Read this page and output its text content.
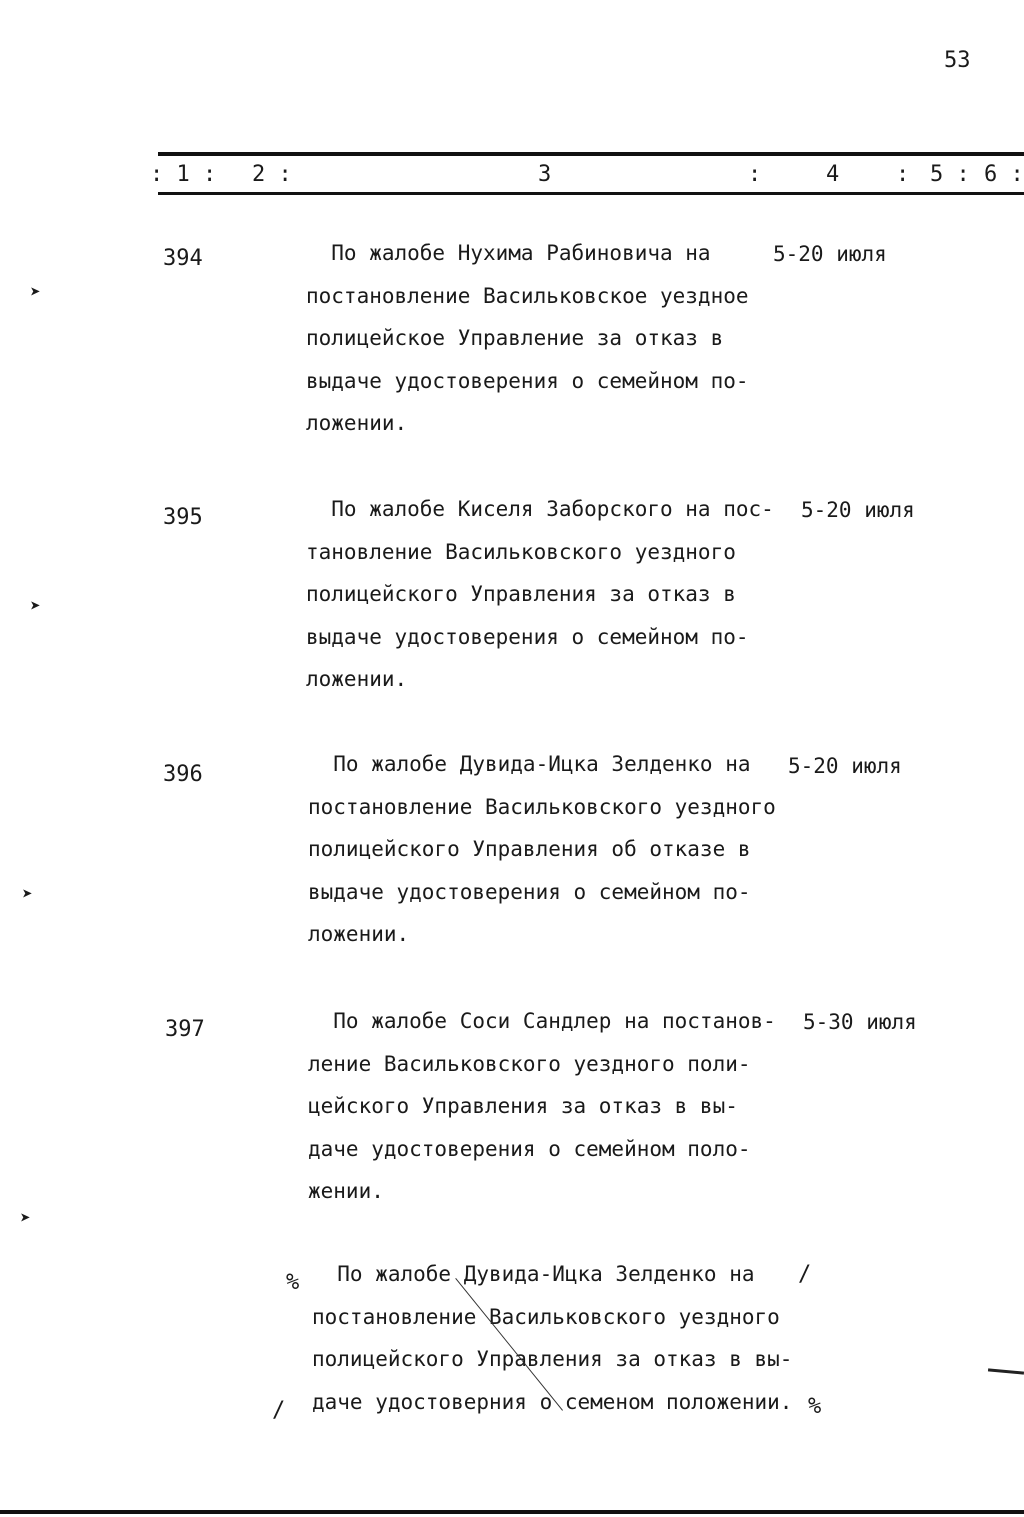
53
: 1 : 2 :	3	:	4	: 5 : 6 :
394	По жалобе Нухима Рабиновича на
постановление Васильковское уездное
полицейское Управление за отказ в
выдаче удостоверения о семейном по-
ложении.
5-20 июля
395	По жалобе Киселя Заборского на пос-
тановление Васильковского уездного
полицейского Управления за отказ в
выдаче удостоверения о семейном по-
ложении.
5-20 июля
396	По жалобе Дувида-Ицка Зелденко на
постановление Васильковского уездного
полицейского Управления об отказе в
выдаче удостоверения о семейном по-
ложении.
5-20 июля
397	По жалобе Соси Сандлер на постанов-
ление Васильковского уездного поли-
цейского Управления за отказ в вы-
даче удостоверения о семейном поло-
жении.
5-30 июля
%	/
По жалобе Дувида-Ицка Зелденко на
постановление Васильковского уездного
полицейского Управления за отказ в вы-
даче удостоверния о семеном положении. %
/
➤
➤
➤
➤
